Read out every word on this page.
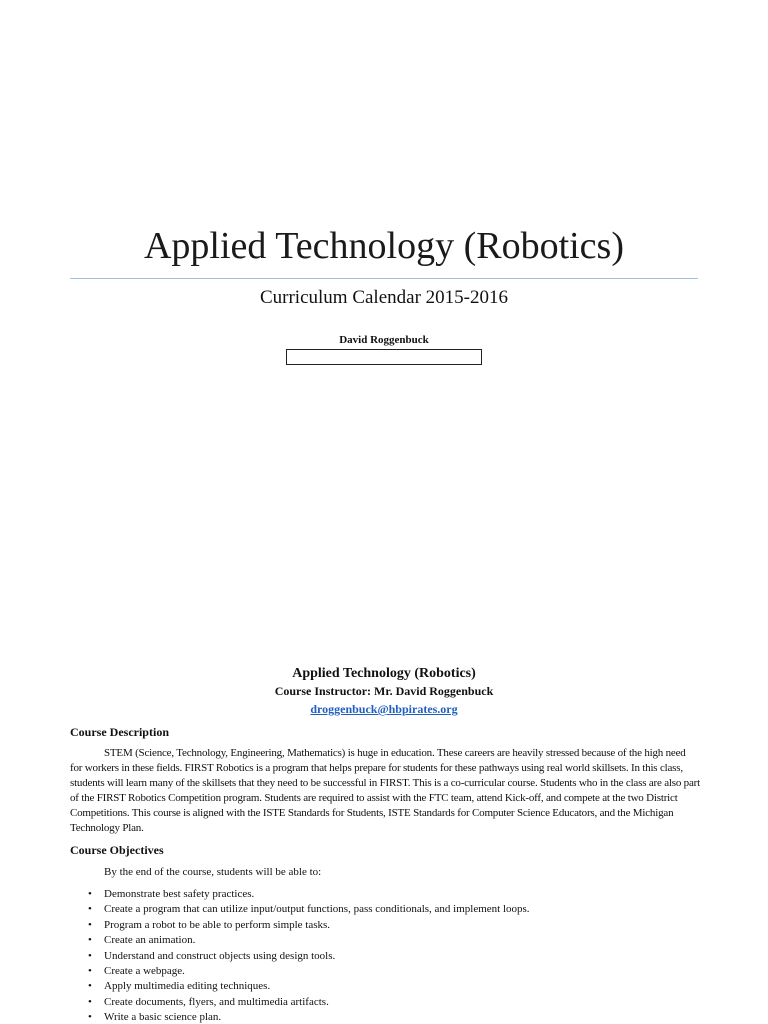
Applied Technology (Robotics)
Curriculum Calendar 2015-2016
David Roggenbuck
Applied Technology (Robotics)
Course Instructor: Mr. David Roggenbuck
droggenbuck@hbpirates.org
Course Description
STEM (Science, Technology, Engineering, Mathematics) is huge in education. These careers are heavily stressed because of the high need for workers in these fields. FIRST Robotics is a program that helps prepare for students for these pathways using real world skillsets. In this class, students will learn many of the skillsets that they need to be successful in FIRST. This is a co-curricular course. Students who in the class are also part of the FIRST Robotics Competition program. Students are required to assist with the FTC team, attend Kick-off, and compete at the two District Competitions. This course is aligned with the ISTE Standards for Students, ISTE Standards for Computer Science Educators, and the Michigan Technology Plan.
Course Objectives
By the end of the course, students will be able to:
• Demonstrate best safety practices.
• Create a program that can utilize input/output functions, pass conditionals, and implement loops.
• Program a robot to be able to perform simple tasks.
• Create an animation.
• Understand and construct objects using design tools.
• Create a webpage.
• Apply multimedia editing techniques.
• Create documents, flyers, and multimedia artifacts.
• Write a basic science plan.
